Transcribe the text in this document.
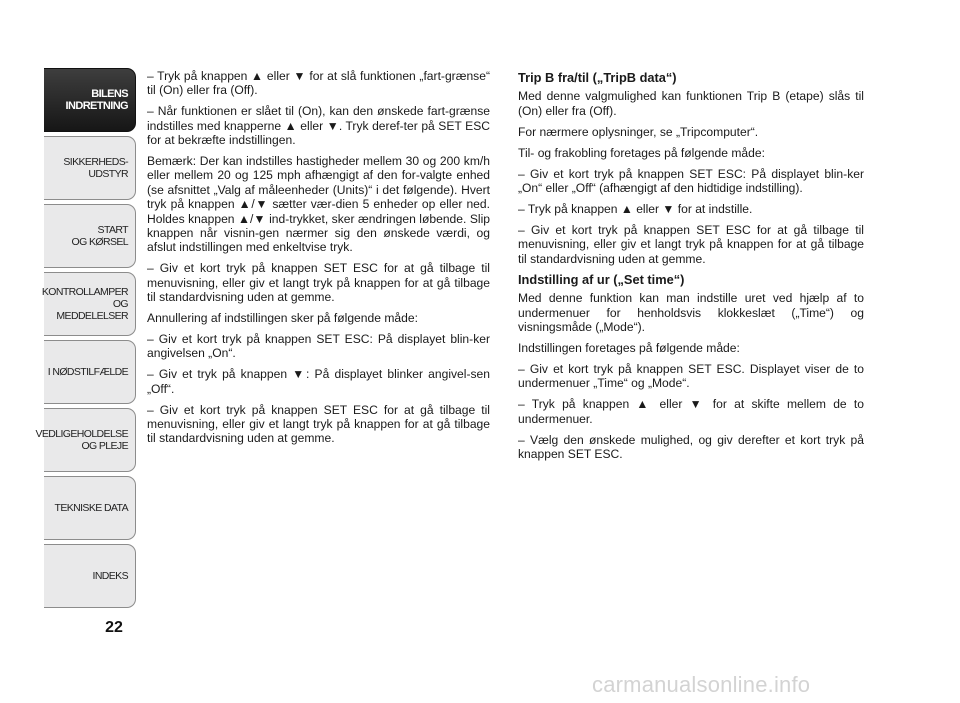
BILENS
INDRETNING
SIKKERHEDS-
UDSTYR
START
OG KØRSEL
KONTROLLAMPER
OG MEDDELELSER
I NØDSTILFÆLDE
VEDLIGEHOLDELSE
OG PLEJE
TEKNISKE DATA
INDEKS
22

– Tryk på knappen ▲ eller ▼ for at slå funktionen „fart-grænse“ til (On) eller fra (Off).

– Når funktionen er slået til (On), kan den ønskede fart-grænse indstilles med knapperne ▲ eller ▼. Tryk deref-ter på SET ESC for at bekræfte indstillingen.

Bemærk: Der kan indstilles hastigheder mellem 30 og 200 km/h eller mellem 20 og 125 mph afhængigt af den for-valgte enhed (se afsnittet „Valg af måleenheder (Units)“ i det følgende). Hvert tryk på knappen ▲/▼ sætter vær-dien 5 enheder op eller ned. Holdes knappen ▲/▼ ind-trykket, sker ændringen løbende. Slip knappen når visnin-gen nærmer sig den ønskede værdi, og afslut indstillingen med enkeltvise tryk.

– Giv et kort tryk på knappen SET ESC for at gå tilbage til menuvisning, eller giv et langt tryk på knappen for at gå tilbage til standardvisning uden at gemme.

Annullering af indstillingen sker på følgende måde:

– Giv et kort tryk på knappen SET ESC: På displayet blin-ker angivelsen „On“.

– Giv et tryk på knappen ▼: På displayet blinker angivel-sen „Off“.

– Giv et kort tryk på knappen SET ESC for at gå tilbage til menuvisning, eller giv et langt tryk på knappen for at gå tilbage til standardvisning uden at gemme.

Trip B fra/til („TripB data“)

Med denne valgmulighed kan funktionen Trip B (etape) slås til (On) eller fra (Off).

For nærmere oplysninger, se „Tripcomputer“.

Til- og frakobling foretages på følgende måde:

– Giv et kort tryk på knappen SET ESC: På displayet blin-ker „On“ eller „Off“ (afhængigt af den hidtidige indstilling).

– Tryk på knappen ▲ eller ▼ for at indstille.

– Giv et kort tryk på knappen SET ESC for at gå tilbage til menuvisning, eller giv et langt tryk på knappen for at gå tilbage til standardvisning uden at gemme.

Indstilling af ur („Set time“)

Med denne funktion kan man indstille uret ved hjælp af to undermenuer for henholdsvis klokkeslæt („Time“) og visningsmåde („Mode“).

Indstillingen foretages på følgende måde:

– Giv et kort tryk på knappen SET ESC. Displayet viser de to undermenuer „Time“ og „Mode“.

– Tryk på knappen ▲ eller ▼ for at skifte mellem de to undermenuer.

– Vælg den ønskede mulighed, og giv derefter et kort tryk på knappen SET ESC.

carmanualsonline.info
